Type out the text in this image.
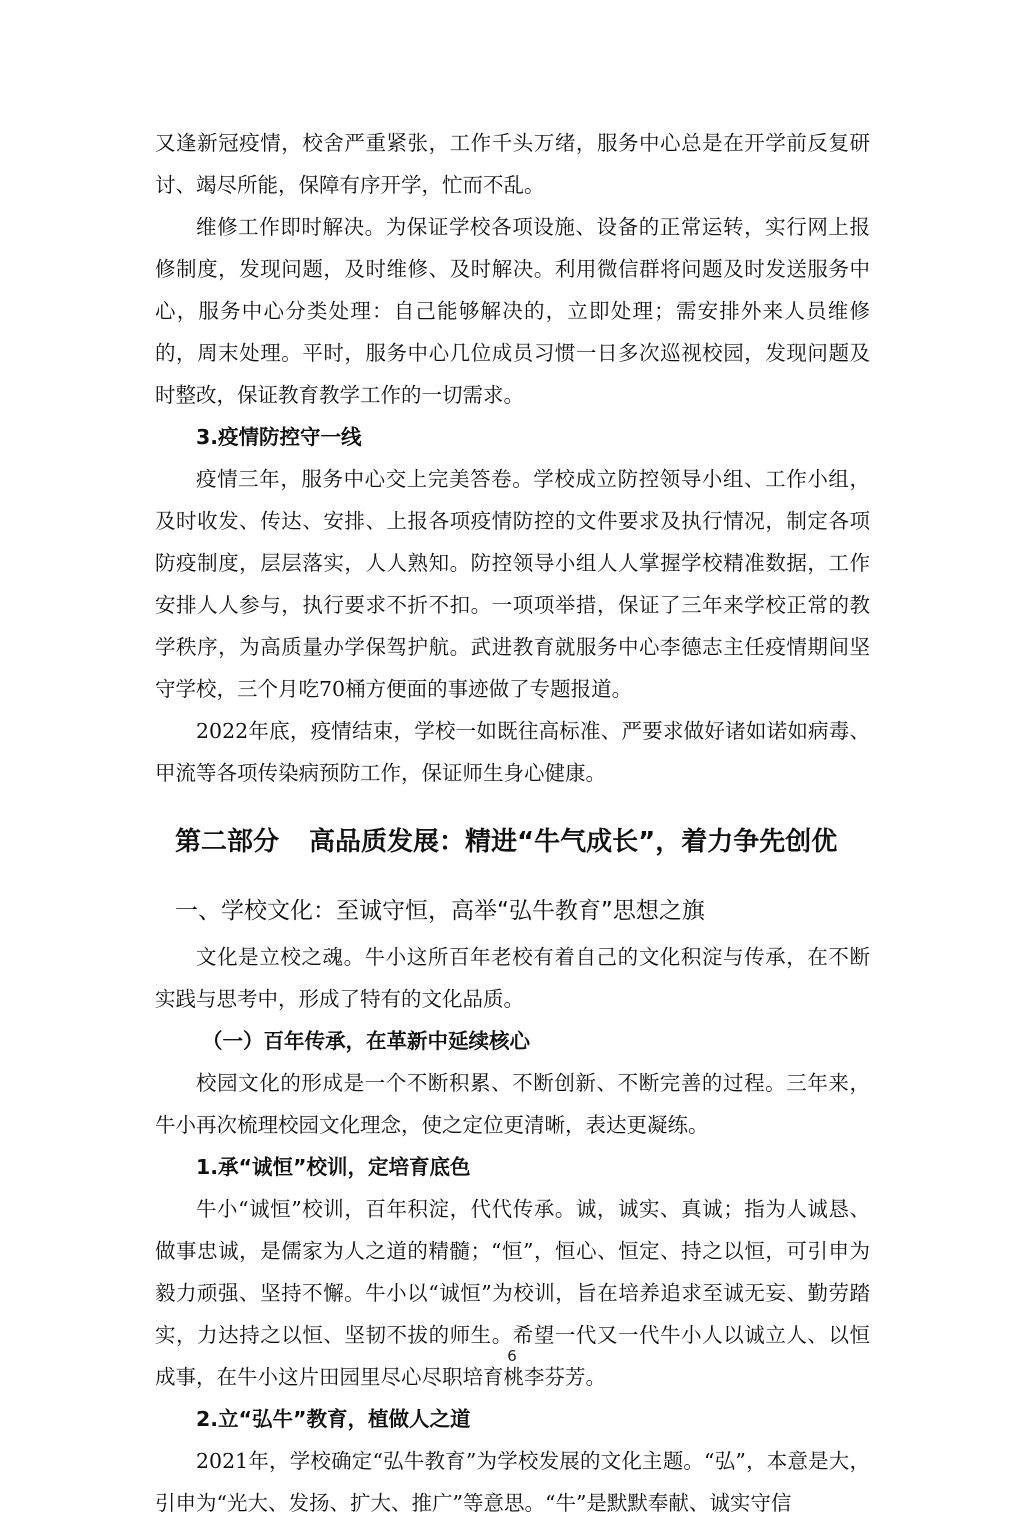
又逢新冠疫情，校舍严重紧张，工作千头万绪，服务中心总是在开学前反复研讨、竭尽所能，保障有序开学，忙而不乱。

维修工作即时解决。为保证学校各项设施、设备的正常运转，实行网上报修制度，发现问题，及时维修、及时解决。利用微信群将问题及时发送服务中心，服务中心分类处理：自己能够解决的，立即处理；需安排外来人员维修的，周末处理。平时，服务中心几位成员习惯一日多次巡视校园，发现问题及时整改，保证教育教学工作的一切需求。

3.疫情防控守一线

疫情三年，服务中心交上完美答卷。学校成立防控领导小组、工作小组，及时收发、传达、安排、上报各项疫情防控的文件要求及执行情况，制定各项防疫制度，层层落实，人人熟知。防控领导小组人人掌握学校精准数据，工作安排人人参与，执行要求不折不扣。一项项举措，保证了三年来学校正常的教学秩序，为高质量办学保驾护航。武进教育就服务中心李德志主任疫情期间坚守学校，三个月吃70桶方便面的事迹做了专题报道。

2022年底，疫情结束，学校一如既往高标准、严要求做好诸如诺如病毒、甲流等各项传染病预防工作，保证师生身心健康。

第二部分 高品质发展：精进“牛气成长”，着力争先创优
一、学校文化：至诚守恒，高举“弘牛教育”思想之旗

文化是立校之魂。牛小这所百年老校有着自己的文化积淀与传承，在不断实践与思考中，形成了特有的文化品质。

（一）百年传承，在革新中延续核心

校园文化的形成是一个不断积累、不断创新、不断完善的过程。三年来，牛小再次梳理校园文化理念，使之定位更清晰，表达更凝练。

1.承“诚恒”校训，定培育底色

牛小“诚恒”校训，百年积淀，代代传承。诚，诚实、真诚；指为人诚恳、做事忠诚，是儒家为人之道的精髓；“恒”，恒心、恒定、持之以恒，可引申为毅力顽强、坚持不懈。牛小以“诚恒”为校训，旨在培养追求至诚无妄、勤劳踏实，力达持之以恒、坚韧不拔的师生。希望一代又一代牛小人以诚立人、以恒成事，在牛小这片田园里尽心尽职培育桃李芬芳。

2.立“弘牛”教育，植做人之道

2021年，学校确定“弘牛教育”为学校发展的文化主题。“弘”，本意是大，引申为“光大、发扬、扩大、推广”等意思。“牛”是默默奉献、诚实守信

6
